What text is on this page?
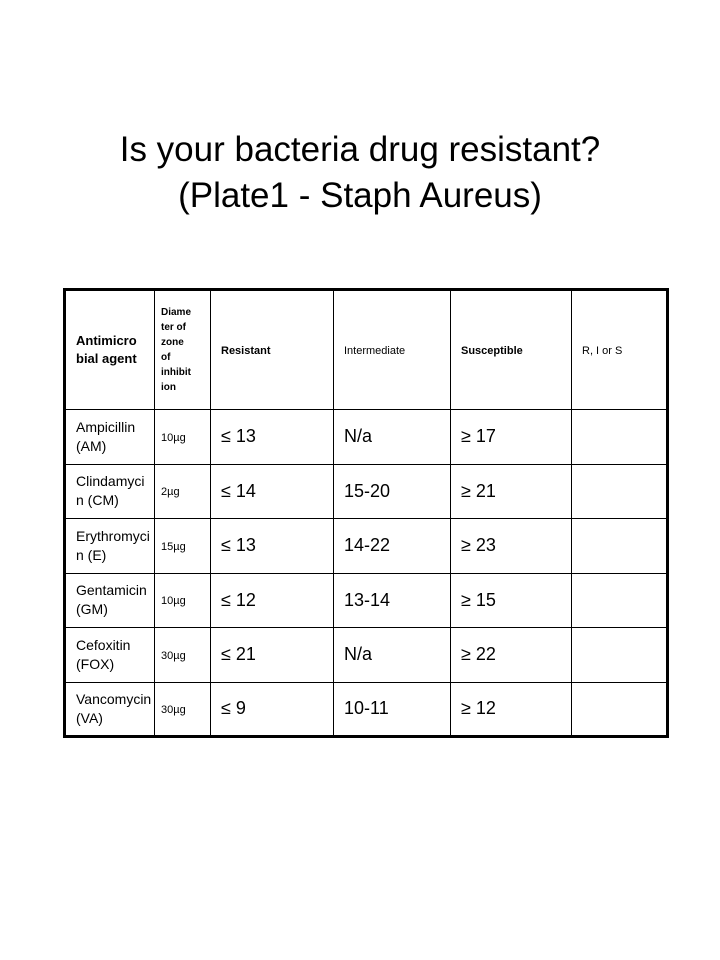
Is your bacteria drug resistant?
(Plate1 - Staph Aureus)
Antimicrobial agent	Diameter of zone of inhibition	Resistant	Intermediate	Susceptible	R, I or S

Ampicillin (AM)	10µg	≤ 13	N/a	≥ 17	

Clindamycin (CM)	2µg	≤ 14	15-20	≥ 21	

Erythromycin (E)	15µg	≤ 13	14-22	≥ 23	

Gentamicin (GM)	10µg	≤ 12	13-14	≥ 15	

Cefoxitin (FOX)	30µg	≤ 21	N/a	≥ 22	

Vancomycin (VA)	30µg	≤ 9	10-11	≥ 12	
